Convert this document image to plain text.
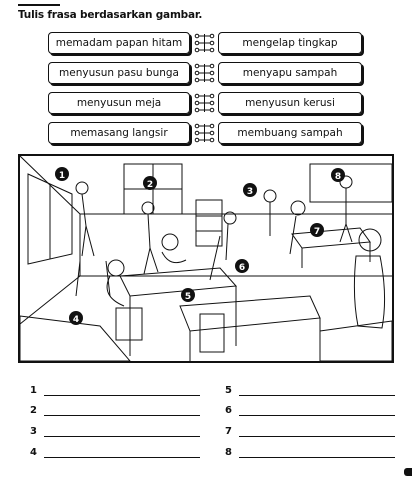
Tulis frasa berdasarkan gambar.
memadam papan hitam	mengelap tingkap
menyusun pasu bunga	menyapu sampah
menyusun meja	menyusun kerusi
memasang langsir	membuang sampah
1
2
3
4
5
6
7
8
1
2
3
4
5
6
7
8
